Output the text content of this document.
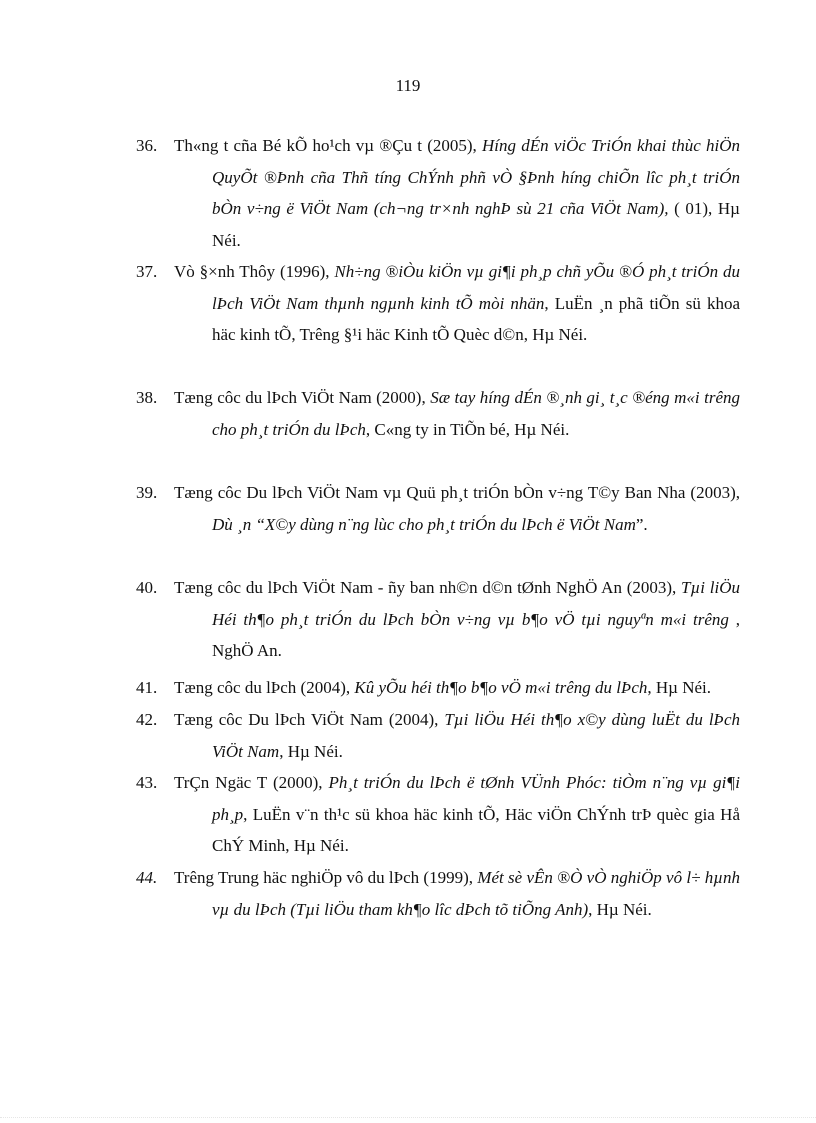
119
36. Th«ng t cña Bé kÕ ho¹ch vµ ®Çu t (2005), Híng dÉn viÖc TriÓn khai thùc hiÖn QuyÕt ®Þnh cña Thñ tíng ChÝnh phñ vÒ §Þnh híng chiÕn lîc ph¸t triÓn bÒn v÷ng ë ViÖt Nam (ch¬ng tr×nh nghÞ sù 21 cña ViÖt Nam), ( 01), Hµ Néi.
37. Vò §×nh Thôy (1996), Nh÷ng ®iÒu kiÖn vµ gi¶i ph¸p chñ yÕu ®Ó ph¸t triÓn du lÞch ViÖt Nam thµnh ngµnh kinh tÕ mòi nhän, LuËn ¸n phã tiÕn sü khoa häc kinh tÕ, Trêng §¹i häc Kinh tÕ Quèc d©n, Hµ Néi.
38. Tæng côc du lÞch ViÖt Nam (2000), Sæ tay híng dÉn ®¸nh gi¸ t¸c ®éng m«i trêng cho ph¸t triÓn du lÞch, C«ng ty in TiÕn bé, Hµ Néi.
39. Tæng côc Du lÞch ViÖt Nam vµ Quü ph¸t triÓn bÒn v÷ng T©y Ban Nha (2003), Dù ¸n “X©y dùng n¨ng lùc cho ph¸t triÓn du lÞch ë ViÖt Nam”.
40. Tæng côc du lÞch ViÖt Nam - ñy ban nh©n d©n tØnh NghÖ An (2003), Tµi liÖu Héi th¶o ph¸t triÓn du lÞch bÒn v÷ng vµ b¶o vÖ tµi nguyªn m«i trêng , NghÖ An.
41. Tæng côc du lÞch (2004), Kû yÕu héi th¶o b¶o vÖ m«i trêng du lÞch, Hµ Néi.
42. Tæng côc Du lÞch ViÖt Nam (2004), Tµi liÖu Héi th¶o x©y dùng luËt du lÞch ViÖt Nam, Hµ Néi.
43. TrÇn Ngäc T (2000), Ph¸t triÓn du lÞch ë tØnh VÜnh Phóc: tiÒm n¨ng vµ gi¶i ph¸p, LuËn v¨n th¹c sü khoa häc kinh tÕ, Häc viÖn ChÝnh trÞ quèc gia Hå ChÝ Minh, Hµ Néi.
44. Trêng Trung häc nghiÖp vô du lÞch (1999), Mét sè vÊn ®Ò vÒ nghiÖp vô l÷ hµnh vµ du lÞch (Tµi liÖu tham kh¶o lîc dÞch tõ tiÕng Anh), Hµ Néi.
